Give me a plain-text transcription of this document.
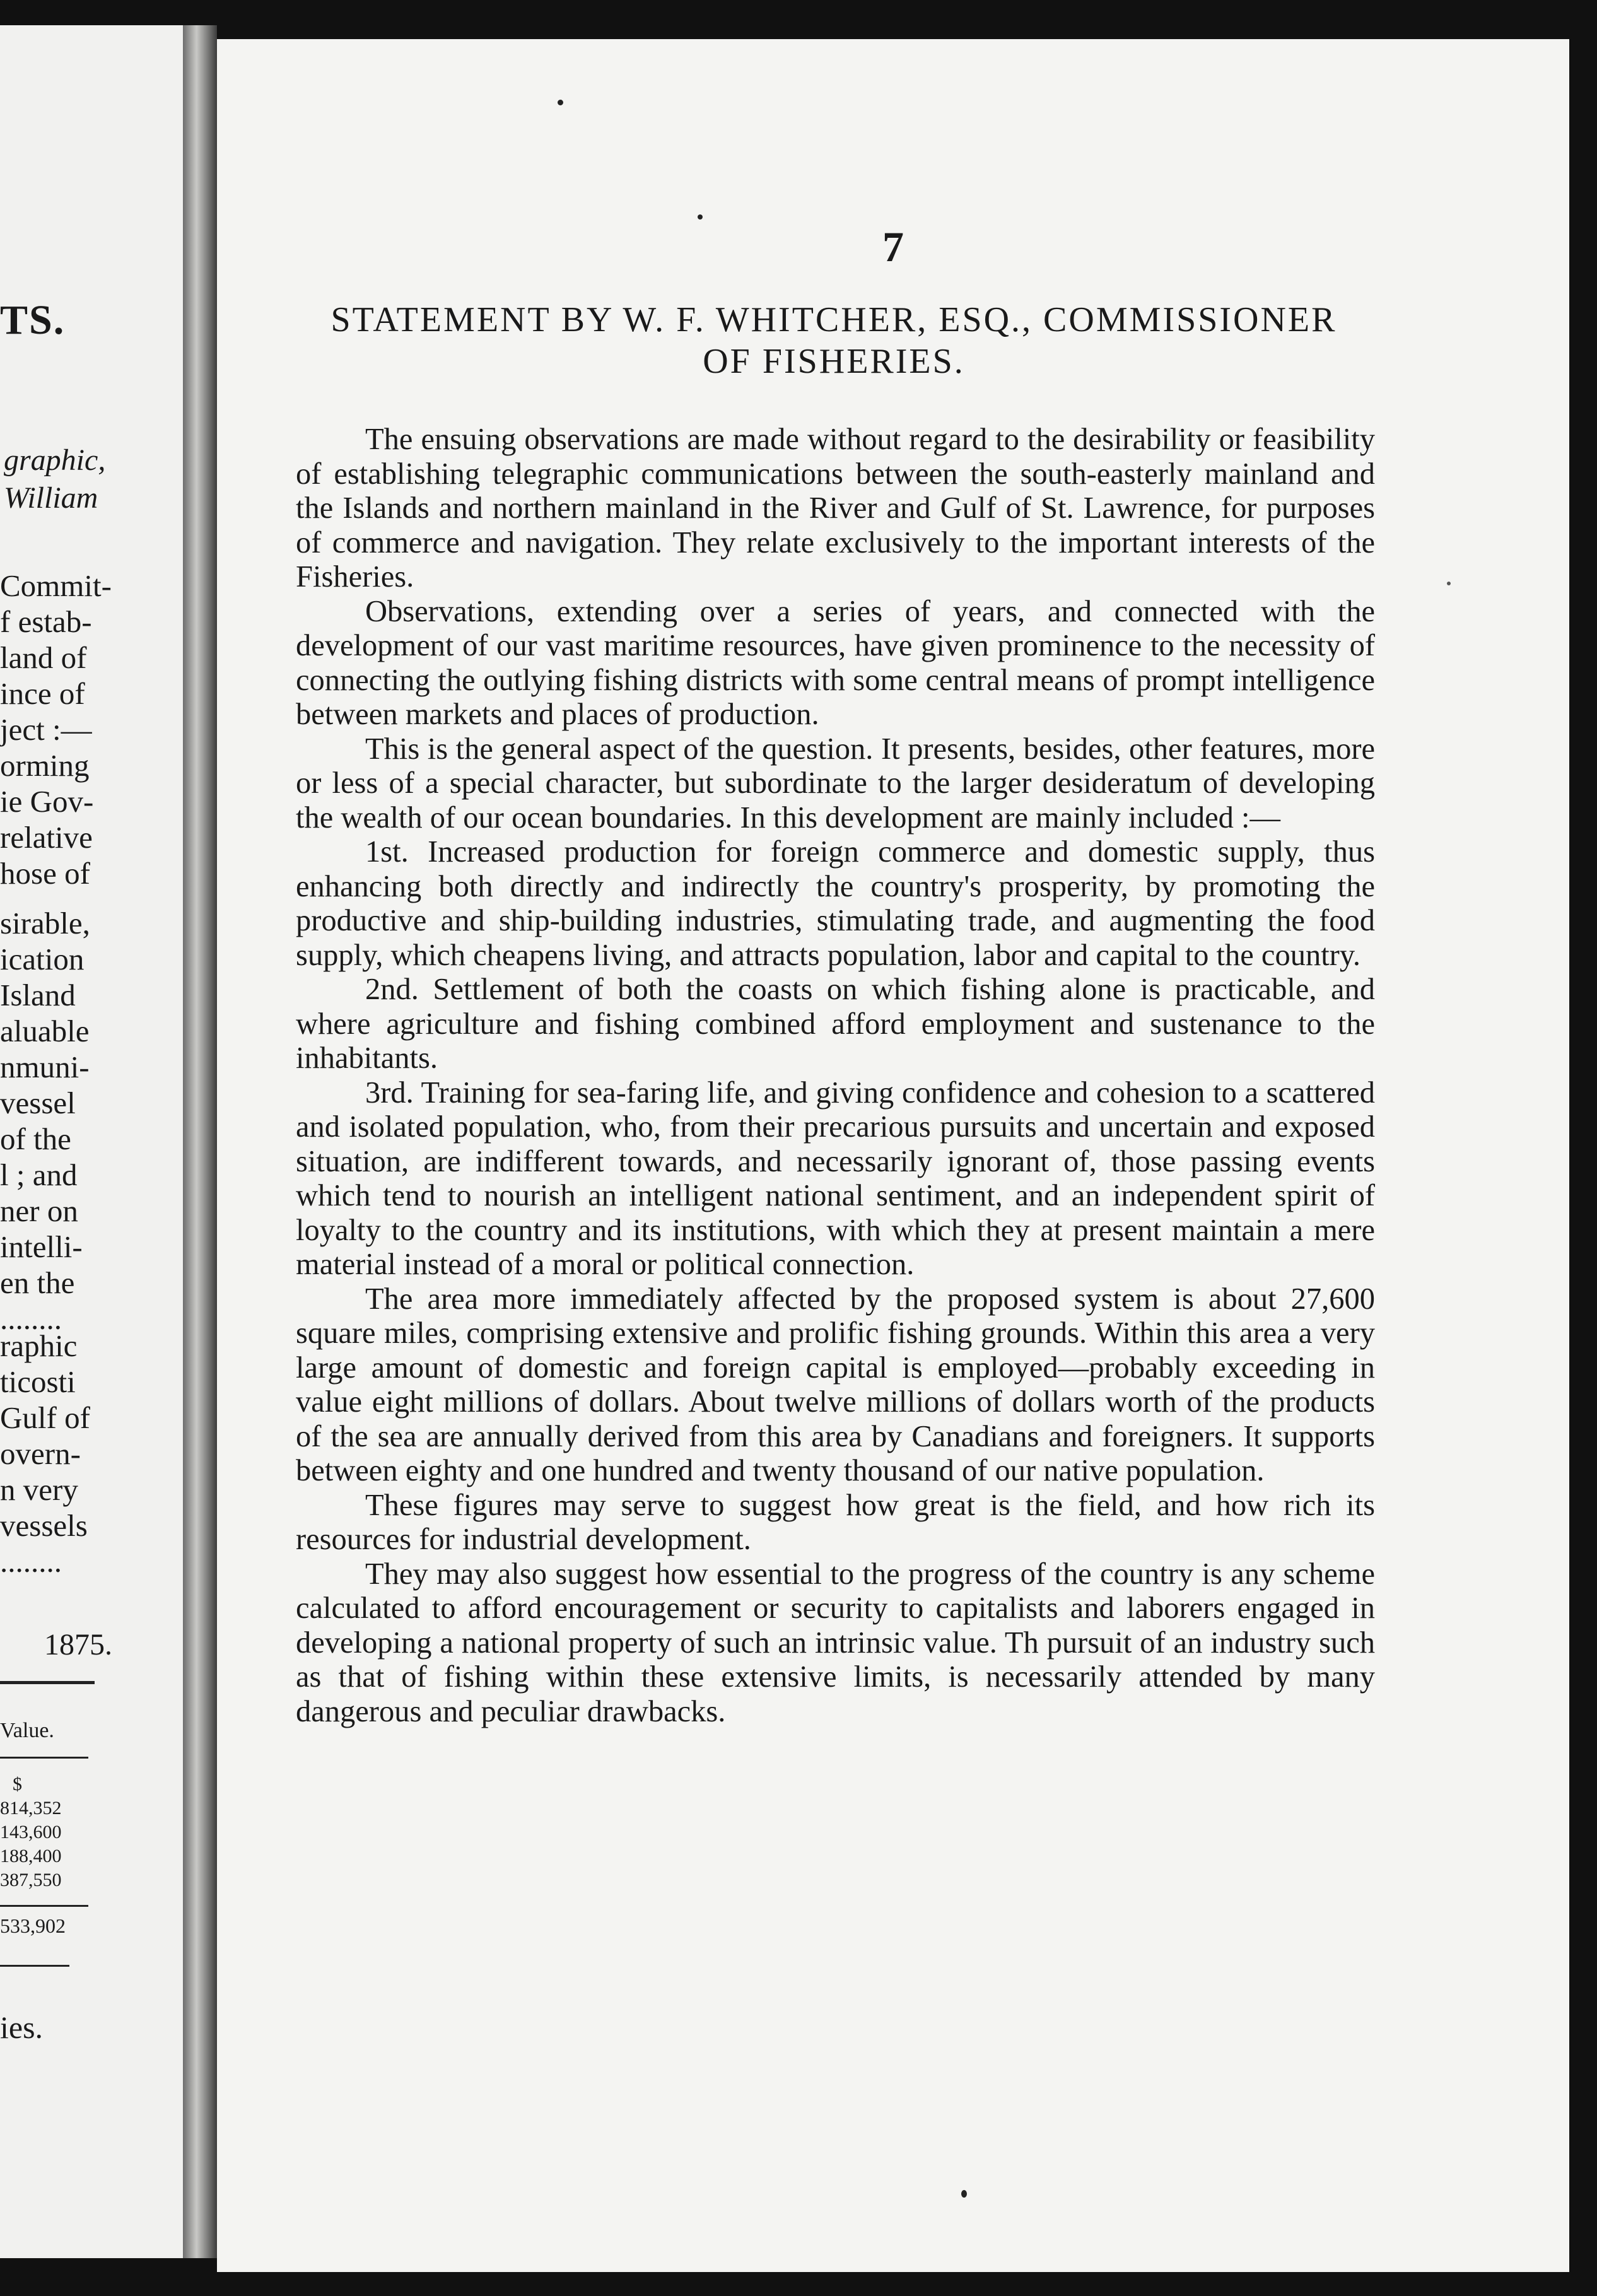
TS.
graphic,
William
Commit-
f estab-
land of
ince of
ject :—
orming
ie Gov-
relative
hose of
sirable,
ication
Island
aluable
nmuni-
vessel
of the
l ; and
ner on
intelli-
en the
........
raphic
ticosti
Gulf of
overn-
n very
vessels
........
1875.
Value.
$
814,352
143,600
188,400
387,550
533,902
ies.
7
STATEMENT BY W. F. WHITCHER, ESQ., COMMISSIONER
OF FISHERIES.

The ensuing observations are made without regard to the desirability or feasibility of establishing telegraphic communications between the south-easterly mainland and the Islands and northern mainland in the River and Gulf of St. Lawrence, for purposes of commerce and navigation. They relate exclusively to the important interests of the Fisheries.

Observations, extending over a series of years, and connected with the development of our vast maritime resources, have given prominence to the necessity of connecting the outlying fishing districts with some central means of prompt intelligence between markets and places of production.

This is the general aspect of the question. It presents, besides, other features, more or less of a special character, but subordinate to the larger desideratum of developing the wealth of our ocean boundaries. In this development are mainly included :—

1st. Increased production for foreign commerce and domestic supply, thus enhancing both directly and indirectly the country's prosperity, by promoting the productive and ship-building industries, stimulating trade, and augmenting the food supply, which cheapens living, and attracts population, labor and capital to the country.

2nd. Settlement of both the coasts on which fishing alone is practicable, and where agriculture and fishing combined afford employment and sustenance to the inhabitants.

3rd. Training for sea-faring life, and giving confidence and cohesion to a scattered and isolated population, who, from their precarious pursuits and uncertain and exposed situation, are indifferent towards, and necessarily ignorant of, those passing events which tend to nourish an intelligent national sentiment, and an independent spirit of loyalty to the country and its institutions, with which they at present maintain a mere material instead of a moral or political connection.

The area more immediately affected by the proposed system is about 27,600 square miles, comprising extensive and prolific fishing grounds. Within this area a very large amount of domestic and foreign capital is employed—probably exceeding in value eight millions of dollars. About twelve millions of dollars worth of the products of the sea are annually derived from this area by Canadians and foreigners. It supports between eighty and one hundred and twenty thousand of our native population.

These figures may serve to suggest how great is the field, and how rich its resources for industrial development.

They may also suggest how essential to the progress of the country is any scheme calculated to afford encouragement or security to capitalists and laborers engaged in developing a national property of such an intrinsic value. Th pursuit of an industry such as that of fishing within these extensive limits, is necessarily attended by many dangerous and peculiar drawbacks.
